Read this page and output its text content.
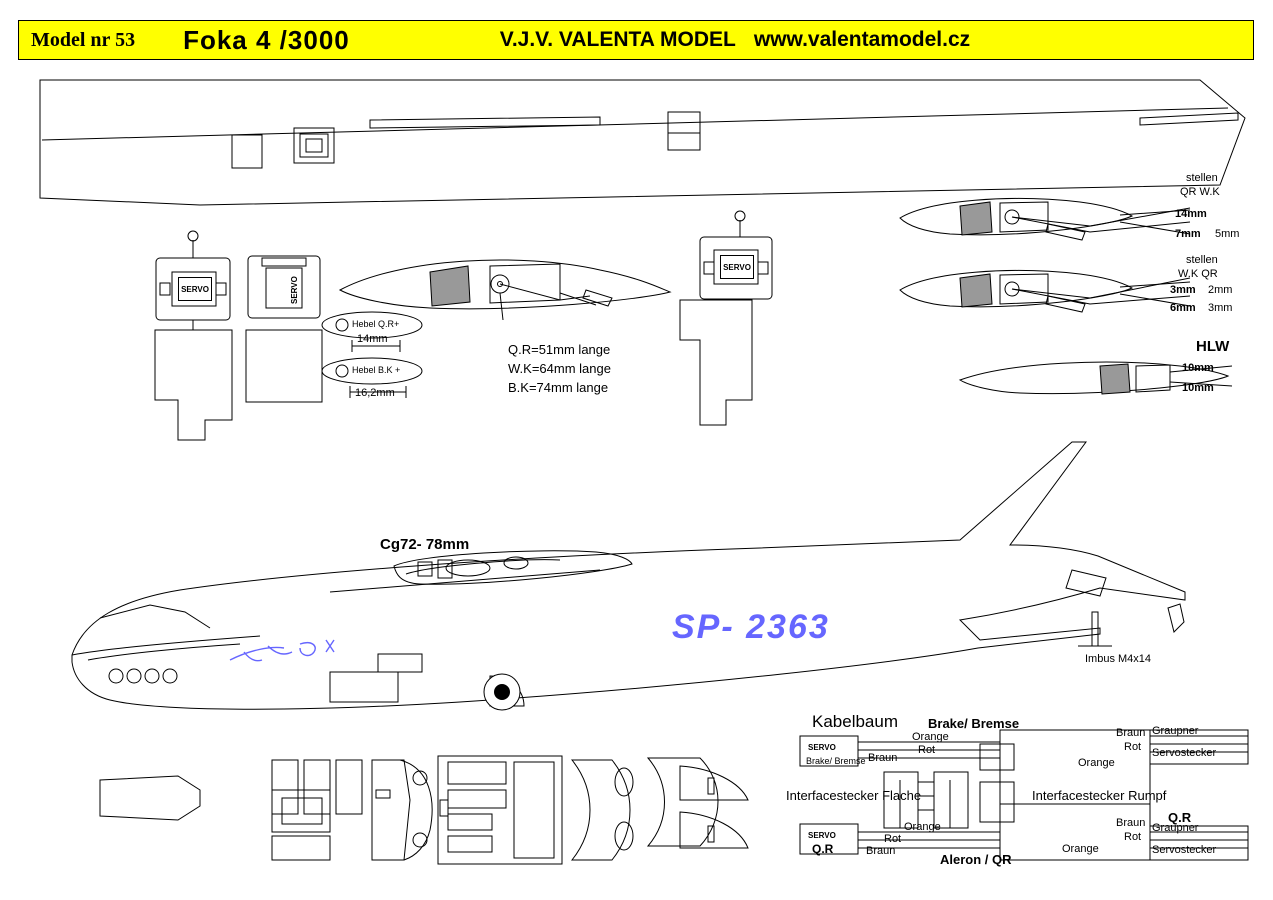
Model nr 53 Foka 4 /3000	V.J.V. VALENTA MODEL www.valentamodel.cz
SERVO	SERVO
SERVO
Hebel Q.R+
14mm
Hebel B.K +
16,2mm
Q.R=51mm lange
W.K=64mm lange
B.K=74mm lange
stellen
QR W.K
14mm
7mm 5mm
stellen
W.K QR
3mm 2mm
6mm 3mm
HLW
10mm
10mm
Cg72- 78mm
SP- 2363
Imbus M4x14
Kabelbaum Brake/ Bremse
Aleron / QR
SERVO
Brake/ Bremse
SERVO
Q.R
Interfacestecker Flache	Interfacestecker Rumpf
Q.R
Graupner
Servostecker
Graupner
Servostecker
Orange
Rot
Braun
Braun
Rot
Orange
Orange
Rot
Braun
Braun
Rot
Orange
